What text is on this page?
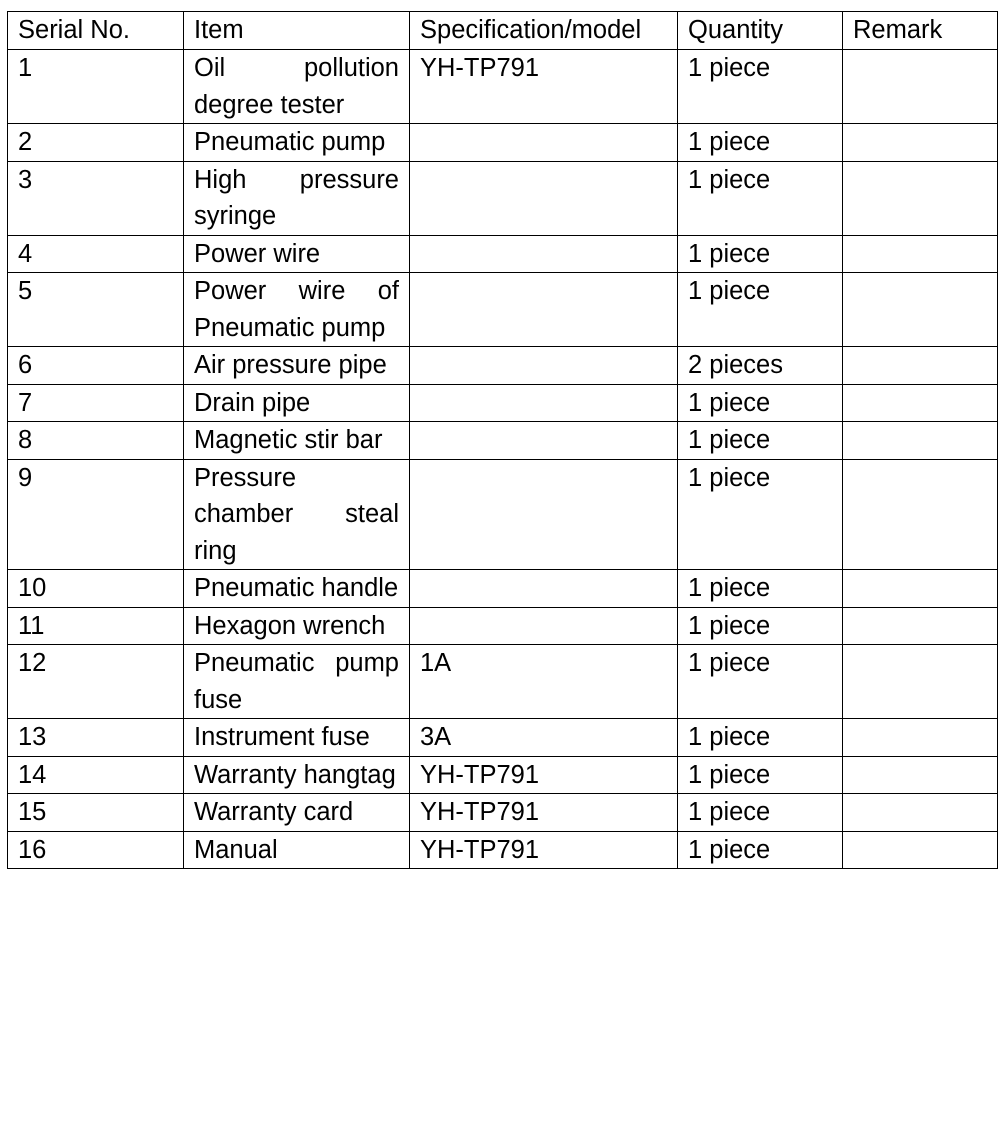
Serial No.	Item	Specification/model	Quantity	Remark
1	Oil pollution degree tester	YH-TP791	1 piece	
2	Pneumatic pump		1 piece	
3	High pressure syringe		1 piece	
4	Power wire		1 piece	
5	Power wire of Pneumatic pump		1 piece	
6	Air pressure pipe		2 pieces	
7	Drain pipe		1 piece	
8	Magnetic stir bar		1 piece	
9	Pressure chamber steal ring		1 piece	
10	Pneumatic handle		1 piece	
11	Hexagon wrench		1 piece	
12	Pneumatic pump fuse	1A	1 piece	
13	Instrument fuse	3A	1 piece	
14	Warranty hangtag	YH-TP791	1 piece	
15	Warranty card	YH-TP791	1 piece	
16	Manual	YH-TP791	1 piece	
